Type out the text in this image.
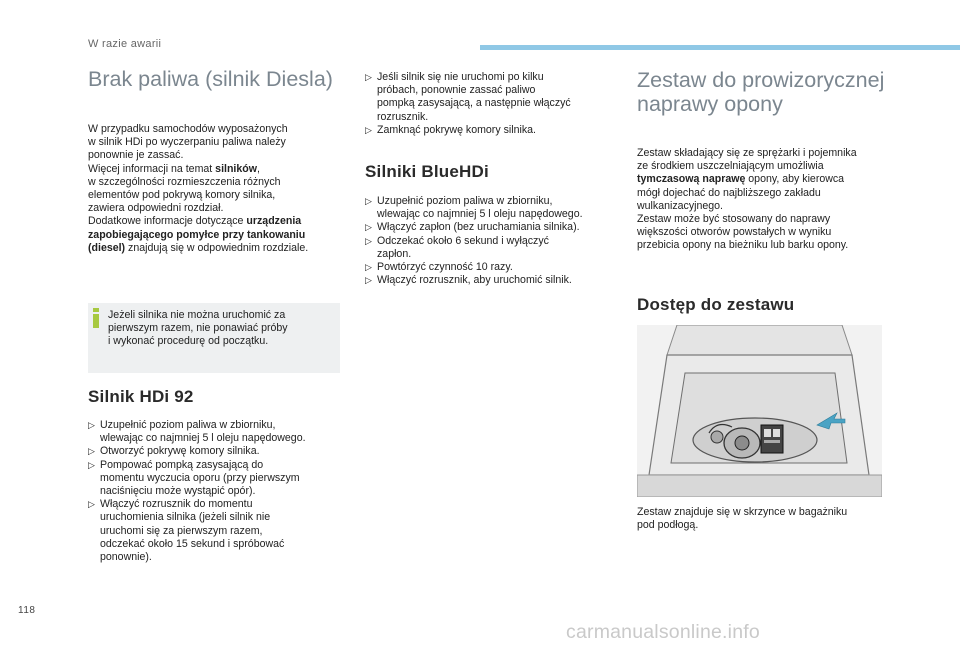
W razie awarii
Brak paliwa (silnik Diesla)
W przypadku samochodów wyposażonych
w silnik HDi po wyczerpaniu paliwa należy
ponownie je zassać.
Więcej informacji na temat silników,
w szczególności rozmieszczenia różnych
elementów pod pokrywą komory silnika,
zawiera odpowiedni rozdział.
Dodatkowe informacje dotyczące urządzenia
zapobiegającego pomyłce przy tankowaniu
(diesel) znajdują się w odpowiednim rozdziale.
Jeżeli silnika nie można uruchomić za
pierwszym razem, nie ponawiać próby
i wykonać procedurę od początku.
Silnik HDi 92
▷ Uzupełnić poziom paliwa w zbiorniku,
wlewając co najmniej 5 l oleju napędowego.
▷ Otworzyć pokrywę komory silnika.
▷ Pompować pompką zasysającą do
momentu wyczucia oporu (przy pierwszym
naciśnięciu może wystąpić opór).
▷ Włączyć rozrusznik do momentu
uruchomienia silnika (jeżeli silnik nie
uruchomi się za pierwszym razem,
odczekać około 15 sekund i spróbować
ponownie).
▷ Jeśli silnik się nie uruchomi po kilku
próbach, ponownie zassać paliwo
pompką zasysającą, a następnie włączyć
rozrusznik.
▷ Zamknąć pokrywę komory silnika.
Silniki BlueHDi
▷ Uzupełnić poziom paliwa w zbiorniku,
wlewając co najmniej 5 l oleju napędowego.
▷ Włączyć zapłon (bez uruchamiania silnika).
▷ Odczekać około 6 sekund i wyłączyć
zapłon.
▷ Powtórzyć czynność 10 razy.
▷ Włączyć rozrusznik, aby uruchomić silnik.
Zestaw do prowizorycznej
naprawy opony
Zestaw składający się ze sprężarki i pojemnika
ze środkiem uszczelniającym umożliwia
tymczasową naprawę opony, aby kierowca
mógł dojechać do najbliższego zakładu
wulkanizacyjnego.
Zestaw może być stosowany do naprawy
większości otworów powstałych w wyniku
przebicia opony na bieżniku lub barku opony.
Dostęp do zestawu
Zestaw znajduje się w skrzynce w bagażniku
pod podłogą.
118
carmanualsonline.info
